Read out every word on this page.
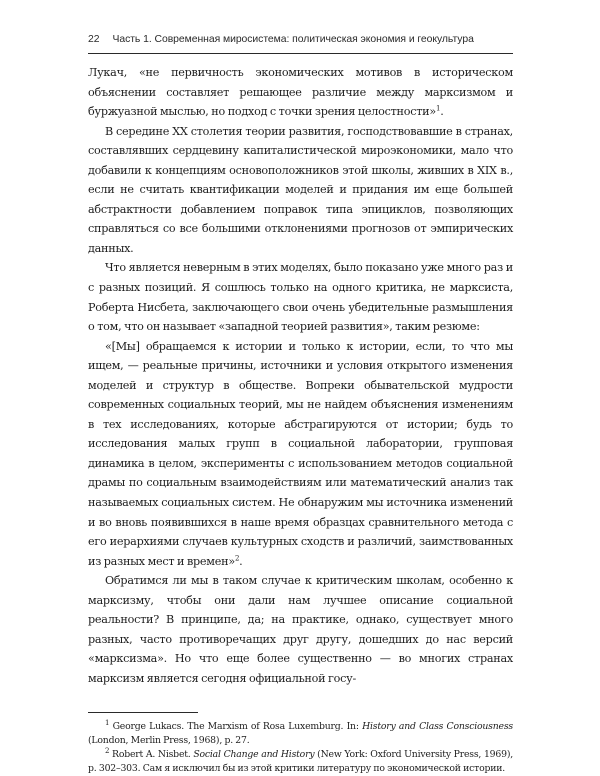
22 Часть 1. Современная миросистема: политическая экономия и геокультура

Лукач, «не первичность экономических мотивов в историческом объяснении составляет решающее различие между марксизмом и буржуазной мыслью, но подход с точки зрения целостности»$^1$.

В середине XX столетия теории развития, господствовавшие в странах, составлявших сердцевину капиталистической мироэкономики, мало что добавили к концепциям основоположников этой школы, живших в XIX в., если не считать квантификации моделей и придания им еще большей абстрактности добавлением поправок типа эпициклов, позволяющих справляться со все большими отклонениями прогнозов от эмпирических данных.

Что является неверным в этих моделях, было показано уже много раз и с разных позиций. Я сошлюсь только на одного критика, не марксиста, Роберта Нисбета, заключающего свои очень убедительные размышления о том, что он называет «западной теорией развития», таким резюме:

«[Мы] обращаемся к истории и только к истории, если, то что мы ищем, — реальные причины, источники и условия открытого изменения моделей и структур в обществе. Вопреки обывательской мудрости современных социальных теорий, мы не найдем объяснения изменениям в тех исследованиях, которые абстрагируются от истории; будь то исследования малых групп в социальной лаборатории, групповая динамика в целом, эксперименты с использованием методов социальной драмы по социальным взаимодействиям или математический анализ так называемых социальных систем. Не обнаружим мы источника изменений и во вновь появившихся в наше время образцах сравнительного метода с его иерархиями случаев культурных сходств и различий, заимствованных из разных мест и времен»$^2$.

Обратимся ли мы в таком случае к критическим школам, особенно к марксизму, чтобы они дали нам лучшее описание социальной реальности? В принципе, да; на практике, однако, существует много разных, часто противоречащих друг другу, дошедших до нас версий «марксизма». Но что еще более существенно — во многих странах марксизм является сегодня официальной госу-

$^1$ George Lukacs. The Marxism of Rosa Luxemburg. In: History and Class Consciousness (London, Merlin Press, 1968), p. 27.

$^2$ Robert A. Nisbet. Social Change and History (New York: Oxford University Press, 1969), p. 302–303. Сам я исключил бы из этой критики литературу по экономической истории.
